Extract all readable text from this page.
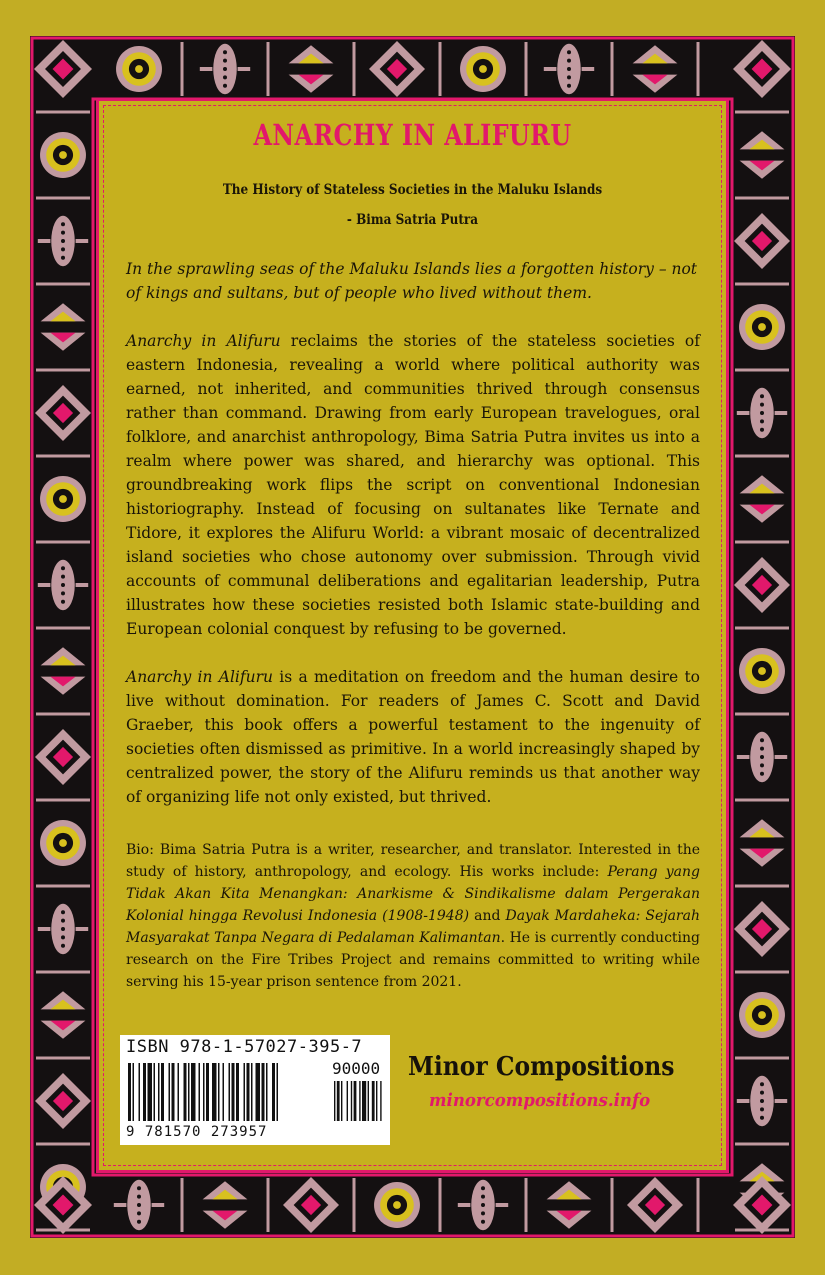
ANARCHY IN ALIFURU

The History of Stateless Societies in the Maluku Islands

- Bima Satria Putra

In the sprawling seas of the Maluku Islands lies a forgotten history – not of kings and sultans, but of people who lived without them.

Anarchy in Alifuru reclaims the stories of the stateless societies of eastern Indonesia, revealing a world where political authority was earned, not inherited, and communities thrived through consensus rather than command. Drawing from early European travelogues, oral folklore, and anarchist anthropology, Bima Satria Putra invites us into a realm where power was shared, and hierarchy was optional. This groundbreaking work flips the script on conventional Indonesian historiography. Instead of focusing on sultanates like Ternate and Tidore, it explores the Alifuru World: a vibrant mosaic of decentralized island societies who chose autonomy over submission. Through vivid accounts of communal deliberations and egalitarian leadership, Putra illustrates how these societies resisted both Islamic state-building and European colonial conquest by refusing to be governed.

Anarchy in Alifuru is a meditation on freedom and the human desire to live without domination. For readers of James C. Scott and David Graeber, this book offers a powerful testament to the ingenuity of societies often dismissed as primitive. In a world increasingly shaped by centralized power, the story of the Alifuru reminds us that another way of organizing life not only existed, but thrived.

Bio: Bima Satria Putra is a writer, researcher, and translator. Interested in the study of history, anthropology, and ecology. His works include: Perang yang Tidak Akan Kita Menangkan: Anarkisme & Sindikalisme dalam Pergerakan Kolonial hingga Revolusi Indonesia (1908-1948) and Dayak Mardaheka: Sejarah Masyarakat Tanpa Negara di Pedalaman Kalimantan. He is currently conducting research on the Fire Tribes Project and remains committed to writing while serving his 15-year prison sentence from 2021.

ISBN 978-1-57027-395-7
90000
9 781570 273957

Minor Compositions

minorcompositions.info
